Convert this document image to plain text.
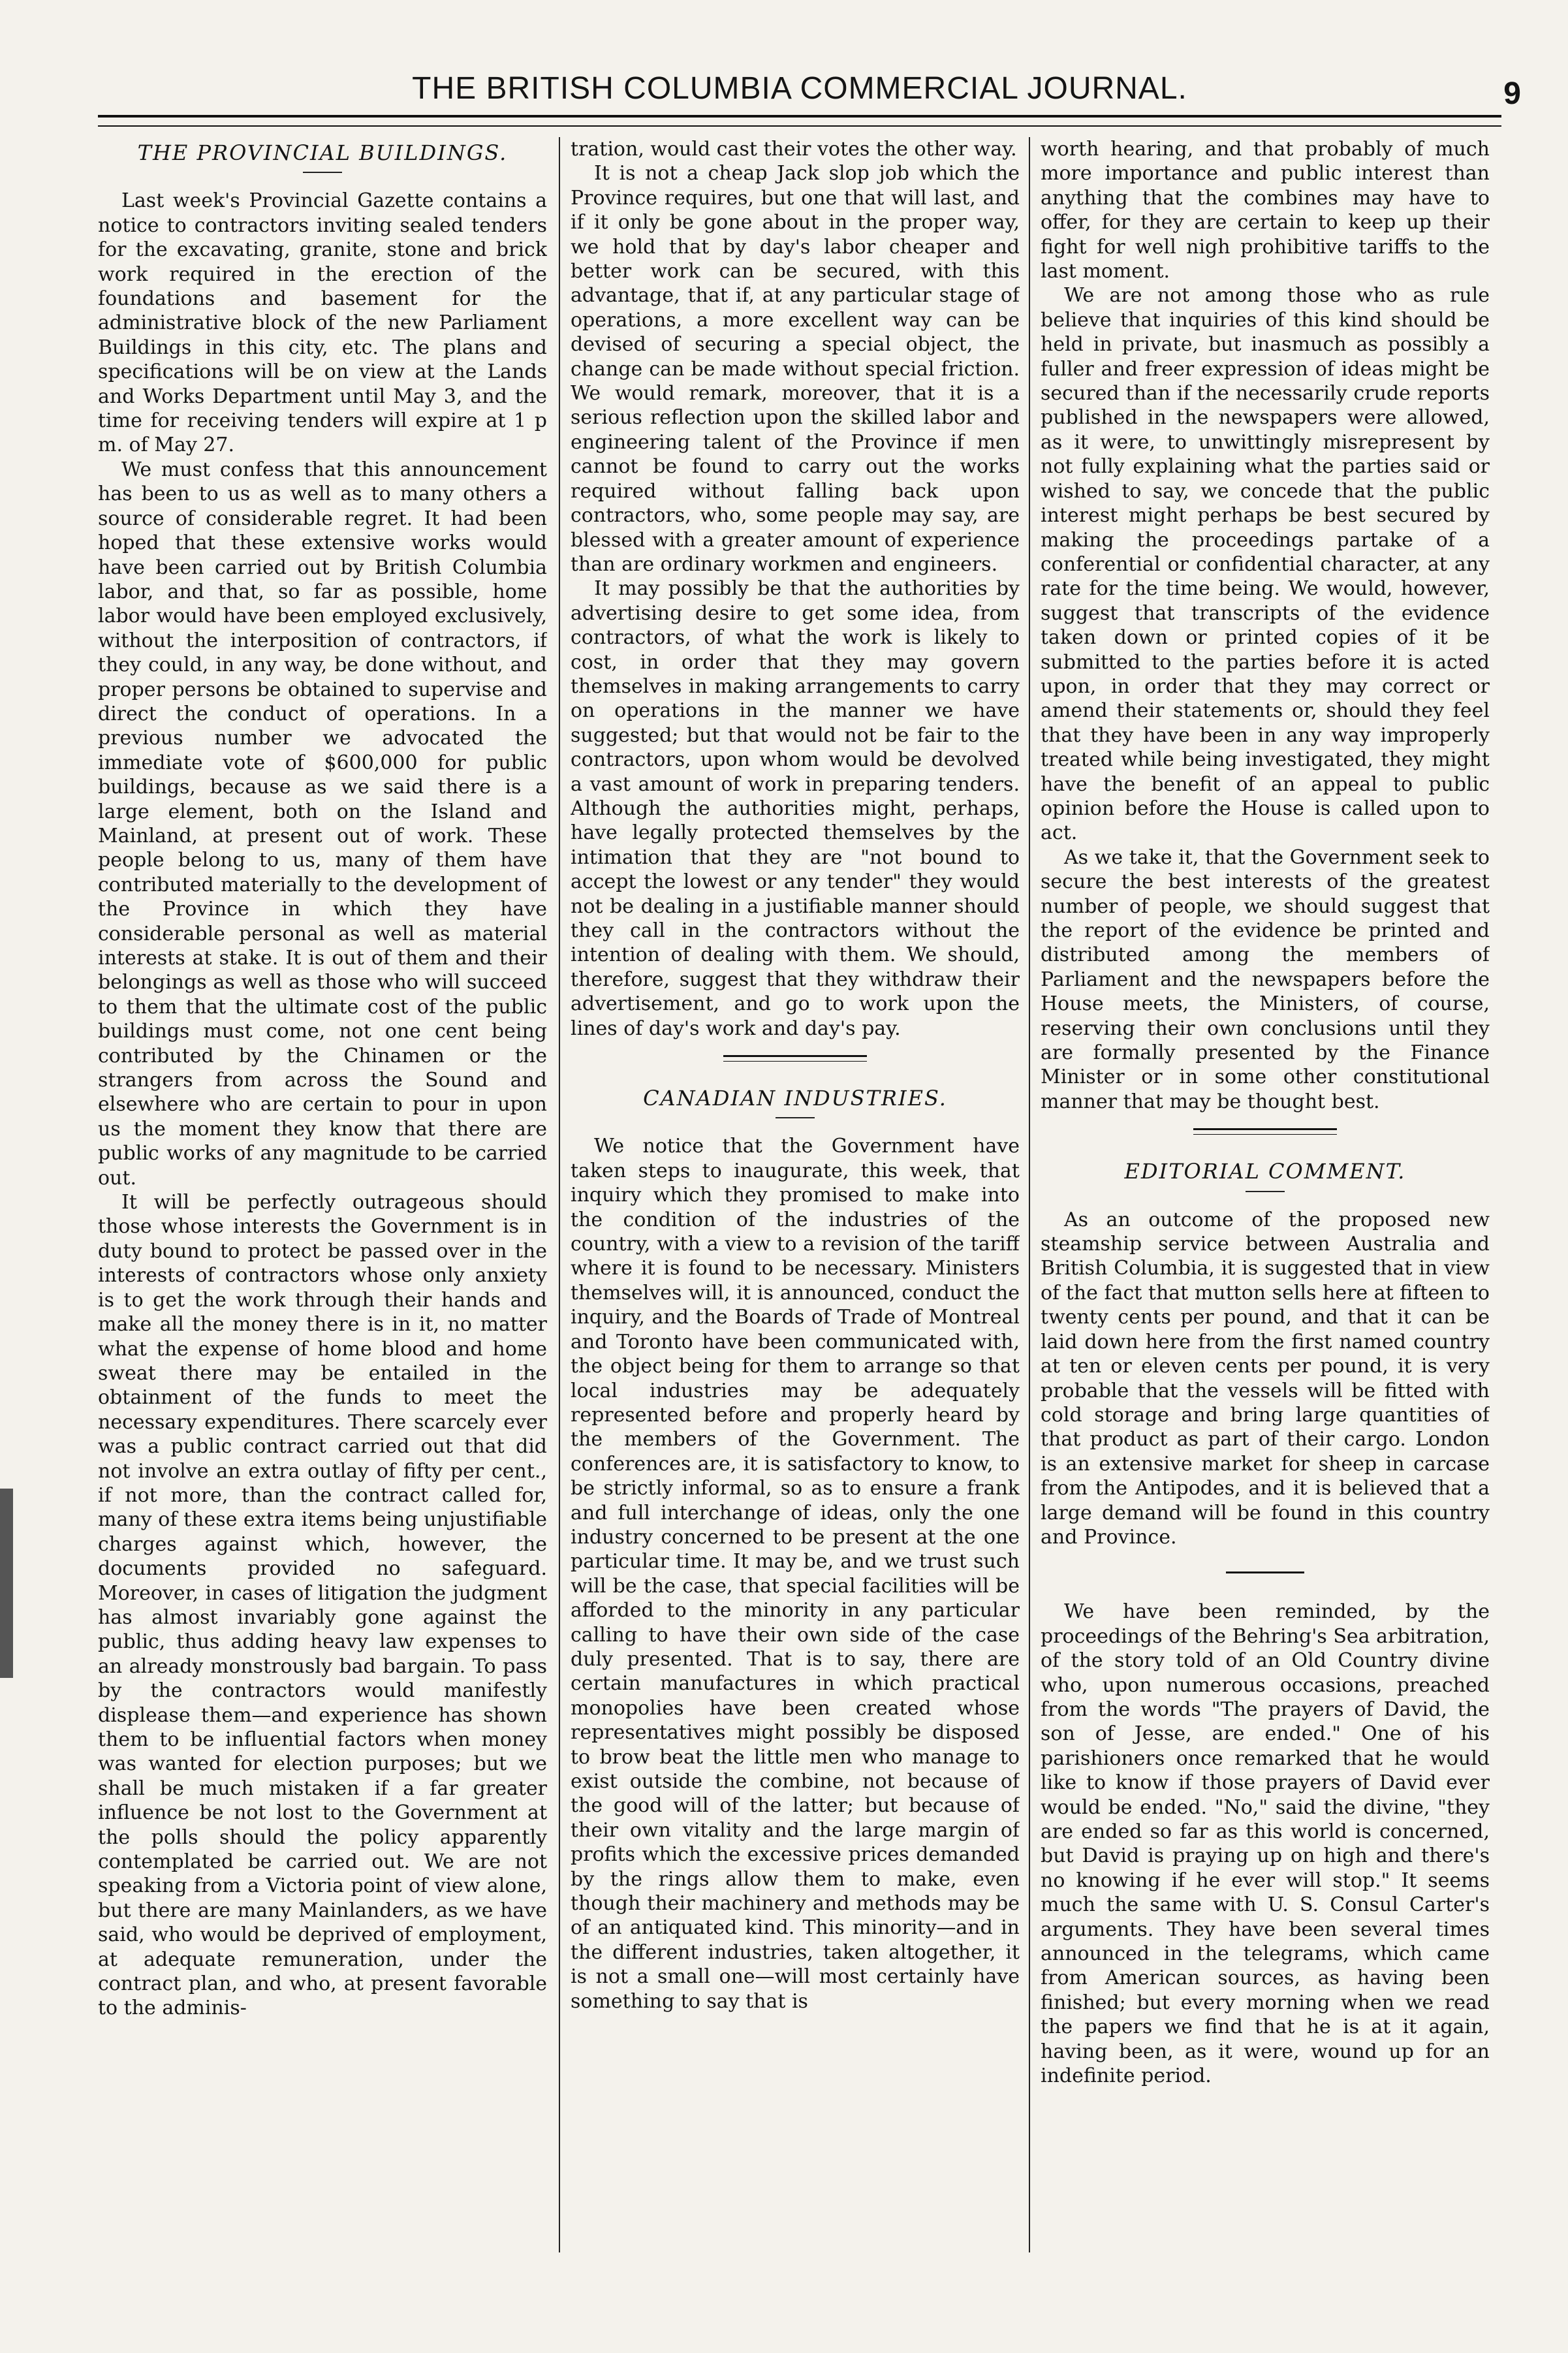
THE BRITISH COLUMBIA COMMERCIAL JOURNAL.	9
THE PROVINCIAL BUILDINGS.

Last week's Provincial Gazette contains a notice to contractors inviting sealed tenders for the excavating, granite, stone and brick work required in the erection of the foundations and basement for the administrative block of the new Parliament Buildings in this city, etc. The plans and specifications will be on view at the Lands and Works Department until May 3, and the time for receiving tenders will expire at 1 p m. of May 27.

We must confess that this announcement has been to us as well as to many others a source of considerable regret. It had been hoped that these extensive works would have been carried out by British Columbia labor, and that, so far as possible, home labor would have been employed exclusively, without the interposition of contractors, if they could, in any way, be done without, and proper persons be obtained to supervise and direct the conduct of operations. In a previous number we advocated the immediate vote of $600,000 for public buildings, because as we said there is a large element, both on the Island and Mainland, at present out of work. These people belong to us, many of them have contributed materially to the development of the Province in which they have considerable personal as well as material interests at stake. It is out of them and their belongings as well as those who will succeed to them that the ultimate cost of the public buildings must come, not one cent being contributed by the Chinamen or the strangers from across the Sound and elsewhere who are certain to pour in upon us the moment they know that there are public works of any magnitude to be carried out.

It will be perfectly outrageous should those whose interests the Government is in duty bound to protect be passed over in the interests of contractors whose only anxiety is to get the work through their hands and make all the money there is in it, no matter what the expense of home blood and home sweat there may be entailed in the obtainment of the funds to meet the necessary expenditures. There scarcely ever was a public contract carried out that did not involve an extra outlay of fifty per cent., if not more, than the contract called for, many of these extra items being unjustifiable charges against which, however, the documents provided no safeguard. Moreover, in cases of litigation the judgment has almost invariably gone against the public, thus adding heavy law expenses to an already monstrously bad bargain. To pass by the contractors would manifestly displease them—and experience has shown them to be influential factors when money was wanted for election purposes; but we shall be much mistaken if a far greater influence be not lost to the Government at the polls should the policy apparently contemplated be carried out. We are not speaking from a Victoria point of view alone, but there are many Mainlanders, as we have said, who would be deprived of employment, at adequate remuneration, under the contract plan, and who, at present favorable to the adminis-

tration, would cast their votes the other way.

It is not a cheap Jack slop job which the Province requires, but one that will last, and if it only be gone about in the proper way, we hold that by day's labor cheaper and better work can be secured, with this advantage, that if, at any particular stage of operations, a more excellent way can be devised of securing a special object, the change can be made without special friction. We would remark, moreover, that it is a serious reflection upon the skilled labor and engineering talent of the Province if men cannot be found to carry out the works required without falling back upon contractors, who, some people may say, are blessed with a greater amount of experience than are ordinary workmen and engineers.

It may possibly be that the authorities by advertising desire to get some idea, from contractors, of what the work is likely to cost, in order that they may govern themselves in making arrangements to carry on operations in the manner we have suggested; but that would not be fair to the contractors, upon whom would be devolved a vast amount of work in preparing tenders. Although the authorities might, perhaps, have legally protected themselves by the intimation that they are "not bound to accept the lowest or any tender" they would not be dealing in a justifiable manner should they call in the contractors without the intention of dealing with them. We should, therefore, suggest that they withdraw their advertisement, and go to work upon the lines of day's work and day's pay.

CANADIAN INDUSTRIES.

We notice that the Government have taken steps to inaugurate, this week, that inquiry which they promised to make into the condition of the industries of the country, with a view to a revision of the tariff where it is found to be necessary. Ministers themselves will, it is announced, conduct the inquiry, and the Boards of Trade of Montreal and Toronto have been communicated with, the object being for them to arrange so that local industries may be adequately represented before and properly heard by the members of the Government. The conferences are, it is satisfactory to know, to be strictly informal, so as to ensure a frank and full interchange of ideas, only the one industry concerned to be present at the one particular time. It may be, and we trust such will be the case, that special facilities will be afforded to the minority in any particular calling to have their own side of the case duly presented. That is to say, there are certain manufactures in which practical monopolies have been created whose representatives might possibly be disposed to brow beat the little men who manage to exist outside the combine, not because of the good will of the latter; but because of their own vitality and the large margin of profits which the excessive prices demanded by the rings allow them to make, even though their machinery and methods may be of an antiquated kind. This minority—and in the different industries, taken altogether, it is not a small one—will most certainly have something to say that is

worth hearing, and that probably of much more importance and public interest than anything that the combines may have to offer, for they are certain to keep up their fight for well nigh prohibitive tariffs to the last moment.

We are not among those who as rule believe that inquiries of this kind should be held in private, but inasmuch as possibly a fuller and freer expression of ideas might be secured than if the necessarily crude reports published in the newspapers were allowed, as it were, to unwittingly misrepresent by not fully explaining what the parties said or wished to say, we concede that the public interest might perhaps be best secured by making the proceedings partake of a conferential or confidential character, at any rate for the time being. We would, however, suggest that transcripts of the evidence taken down or printed copies of it be submitted to the parties before it is acted upon, in order that they may correct or amend their statements or, should they feel that they have been in any way improperly treated while being investigated, they might have the benefit of an appeal to public opinion before the House is called upon to act.

As we take it, that the Government seek to secure the best interests of the greatest number of people, we should suggest that the report of the evidence be printed and distributed among the members of Parliament and the newspapers before the House meets, the Ministers, of course, reserving their own conclusions until they are formally presented by the Finance Minister or in some other constitutional manner that may be thought best.

EDITORIAL COMMENT.

As an outcome of the proposed new steamship service between Australia and British Columbia, it is suggested that in view of the fact that mutton sells here at fifteen to twenty cents per pound, and that it can be laid down here from the first named country at ten or eleven cents per pound, it is very probable that the vessels will be fitted with cold storage and bring large quantities of that product as part of their cargo. London is an extensive market for sheep in carcase from the Antipodes, and it is believed that a large demand will be found in this country and Province.

We have been reminded, by the proceedings of the Behring's Sea arbitration, of the story told of an Old Country divine who, upon numerous occasions, preached from the words "The prayers of David, the son of Jesse, are ended." One of his parishioners once remarked that he would like to know if those prayers of David ever would be ended. "No," said the divine, "they are ended so far as this world is concerned, but David is praying up on high and there's no knowing if he ever will stop." It seems much the same with U. S. Consul Carter's arguments. They have been several times announced in the telegrams, which came from American sources, as having been finished; but every morning when we read the papers we find that he is at it again, having been, as it were, wound up for an indefinite period.
